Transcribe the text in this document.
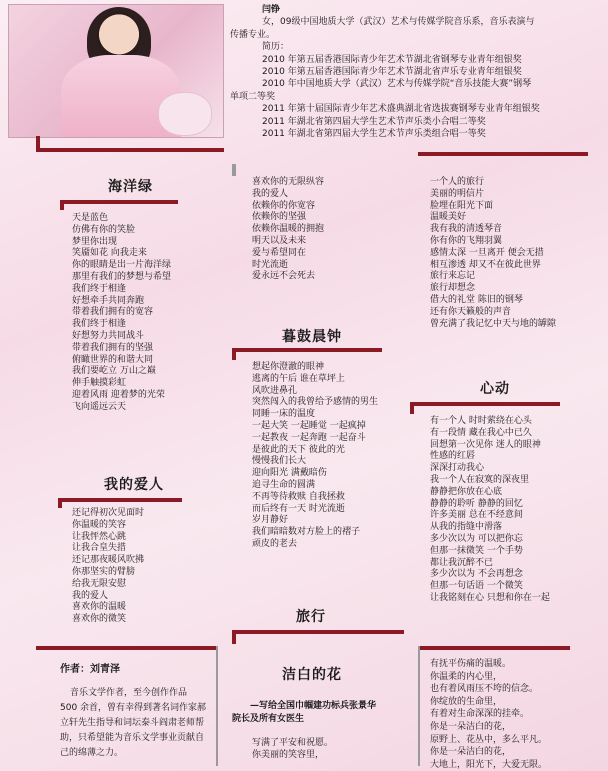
闫铮
女，09级中国地质大学（武汉）艺术与传媒学院音乐系，音乐表演与
传播专业。
简历：
2010 年第五届香港国际青少年艺术节湖北省钢琴专业青年组银奖
2010 年第五届香港国际青少年艺术节湖北省声乐专业青年组银奖
2010 年中国地质大学（武汉）艺术与传媒学院“音乐技能大赛”钢琴
单项二等奖
2011 年第十届国际青少年艺术盛典湖北省选拔赛钢琴专业青年组银奖
2011 年湖北省第四届大学生艺术节声乐类小合唱二等奖
2011 年湖北省第四届大学生艺术节声乐类组合唱一等奖
海洋绿
天是蓝色
仿佛有你的笑脸
梦里你出现
笑靥如花 向我走来
你的眼睛是出一片海洋绿
那里有我们的梦想与希望
我们终于相逢
好想牵手共同奔跑
带着我们拥有的宽容
我们终于相逢
好想努力共同战斗
带着我们拥有的坚强
俯瞰世界的和谐大同
我们要屹立 万山之巅
伸手触摸彩虹
迎着风雨 迎着梦的光荣
飞向遥远云天
我的爱人
还记得初次见面时
你温暖的笑容
让我怦然心跳
让我合皇失措
还记那夜暖风吹拂
你那坚实的臂膀
给我无限安慰
我的爱人
喜欢你的温暖
喜欢你的微笑
喜欢你的无限纵容
我的爱人
依赖你的你宽容
依赖你的坚强
依赖你温暖的拥抱
明天以及未来
爱与希望同在
时光流逝
爱永远不会死去
暮鼓晨钟
想起你澄澈的眼神
逃离的午后 谁在草坪上
风吹进鼻孔
突然闯入的我曾给予感情的男生
同睡一床的温度
一起大笑 一起睡觉 一起疯掉
一起教夜 一起奔跑 一起奋斗
是彼此的天下 彼此的光
慢慢我们长大
迎向阳光 满戴暗伤
追寻生命的圆满
不再等待救赎 自我拯救
而后终有一天 时光流逝
岁月静好
我们暗暗数对方脸上的褶子
顽皮的老去
旅行
一个人的旅行
美丽的明信片
脸埋在阳光下面
温暖美好
我有我的清透琴音
你有你的飞翔羽翼
感情太深 一旦离开 便会无措
相互渗透 却又不在彼此世界
旅行来忘记
旅行却想念
借大的礼堂 陈旧的钢琴
还有你天籁般的声音
曾充满了我记忆中天与地的罅隙
心动
有一个人 时时萦绕在心头
有一段情 藏在我心中已久
回想第一次见你 迷人的眼神
性感的红唇
深深打动我心
我一个人在寂寞的深夜里
静静把你放在心底
静静的聆听 静静的回忆
许多美丽 总在不经意间
从我的指缝中滑落
多少次以为 可以把你忘
但那一抹微笑 一个手势
都让我沉醉不已
多少次以为 不会再想念
但那一句话语 一个微笑
让我铭刻在心 只想和你在一起
作者：刘青泽
音乐文学作者，至今创作作品
500 余首，曾有幸得到著名词作家郝
立轩先生指导和词坛泰斗阎肃老师帮
助，只希望能为音乐文学事业贡献自
己的绵薄之力。
洁白的花
—写给全国巾帼建功标兵张景华
院长及所有女医生
写满了平安和祝愿。
你美丽的笑容里，
有抚平伤痛的温暖。
你温柔的内心里，
也有着风雨压不垮的信念。
你绽放的生命里，
有着对生命深深的挂牵。
你是一朵洁白的花，
原野上、花丛中，多么平凡。
你是一朵洁白的花，
大地上，阳光下，大爱无限。
